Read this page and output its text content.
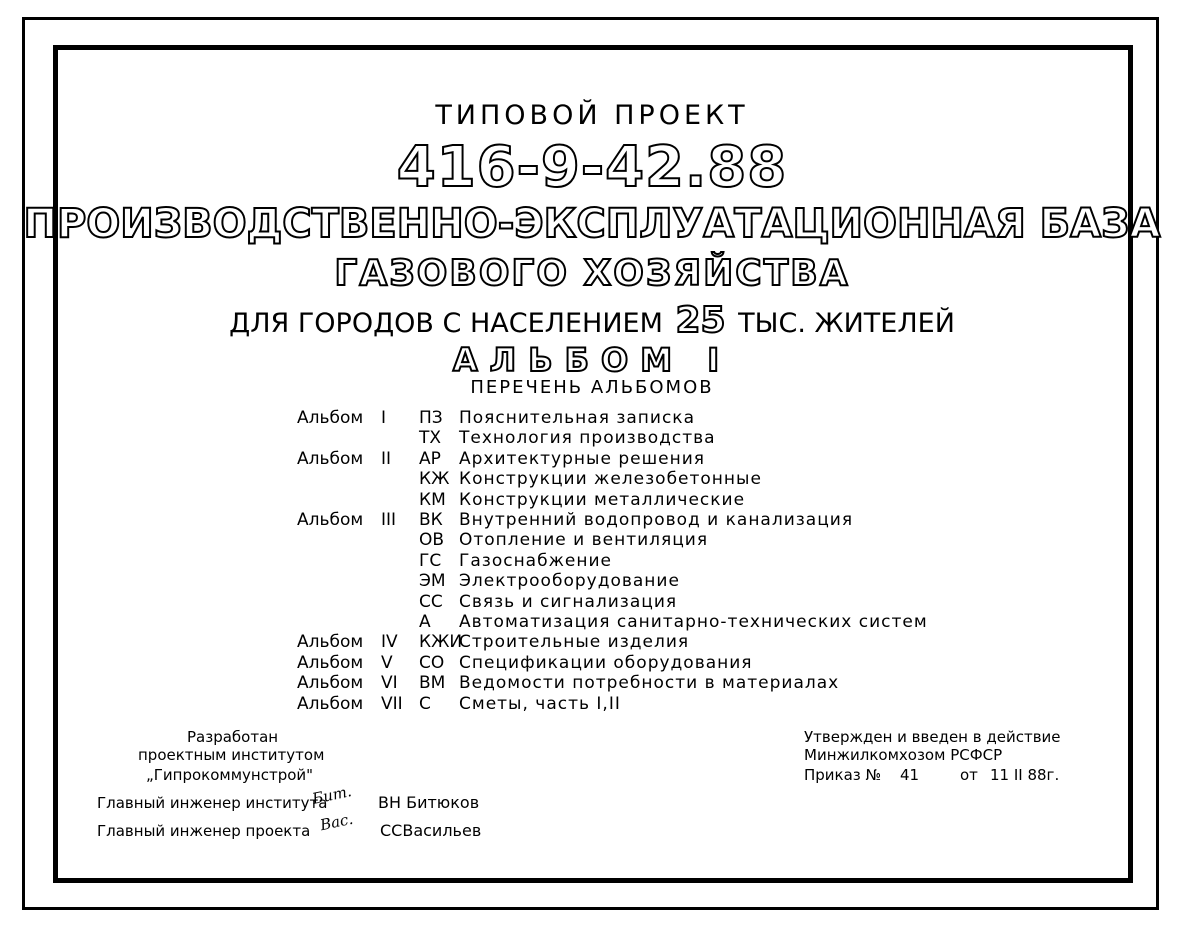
ТИПОВОЙ ПРОЕКТ
416-9-42.88
ПРОИЗВОДСТВЕННО-ЭКСПЛУАТАЦИОННАЯ БАЗА
ГАЗОВОГО ХОЗЯЙСТВА
ДЛЯ ГОРОДОВ С НАСЕЛЕНИЕМ 25 ТЫС. ЖИТЕЛЕЙ
АЛЬБОМ I
ПЕРЕЧЕНЬ АЛЬБОМОВ
Альбом I ПЗ Пояснительная записка
ТХ Технология производства
Альбом II АР Архитектурные решения
КЖ Конструкции железобетонные
КМ Конструкции металлические
Альбом III ВК Внутренний водопровод и канализация
ОВ Отопление и вентиляция
ГС Газоснабжение
ЭМ Электрооборудование
СС Связь и сигнализация
А Автоматизация санитарно-технических систем
Альбом IV КЖИ
Строительные изделия
Альбом V СО Спецификации оборудования
Альбом VI ВМ Ведомости потребности в материалах
Альбом VII С Сметы, часть I,II
Разработан
проектным институтом
„Гипрокоммунстрой"
Главный инженер института
Бит. ВН Битюков
Главный инженер проекта Вас. ССВасильев
Утвержден и введен в действие
Минжилкомхозом РСФСР
Приказ № 41	от 11 II 88г.
